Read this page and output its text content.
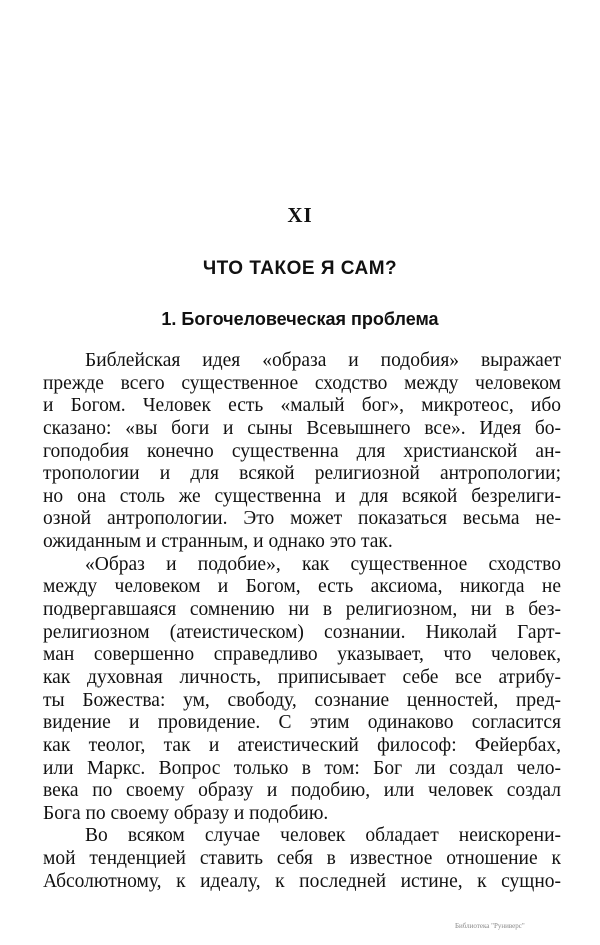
XI
ЧТО ТАКОЕ Я САМ?
1. Богочеловеческая проблема
Библейская идея «образа и подобия» выражает
прежде всего существенное сходство между человеком
и Богом. Человек есть «малый бог», микротеос, ибо
сказано: «вы боги и сыны Всевышнего все». Идея бо-
гоподобия конечно существенна для христианской ан-
тропологии и для всякой религиозной антропологии;
но она столь же существенна и для всякой безрелиги-
озной антропологии. Это может показаться весьма не-
ожиданным и странным, и однако это так.
«Образ и подобие», как существенное сходство
между человеком и Богом, есть аксиома, никогда не
подвергавшаяся сомнению ни в религиозном, ни в без-
религиозном (атеистическом) сознании. Николай Гарт-
ман совершенно справедливо указывает, что человек,
как духовная личность, приписывает себе все атрибу-
ты Божества: ум, свободу, сознание ценностей, пред-
видение и провидение. С этим одинаково согласится
как теолог, так и атеистический философ: Фейербах,
или Маркс. Вопрос только в том: Бог ли создал чело-
века по своему образу и подобию, или человек создал
Бога по своему образу и подобию.
Во всяком случае человек обладает неискорени-
мой тенденцией ставить себя в известное отношение к
Абсолютному, к идеалу, к последней истине, к сущно-
Библиотека "Руниверс"
